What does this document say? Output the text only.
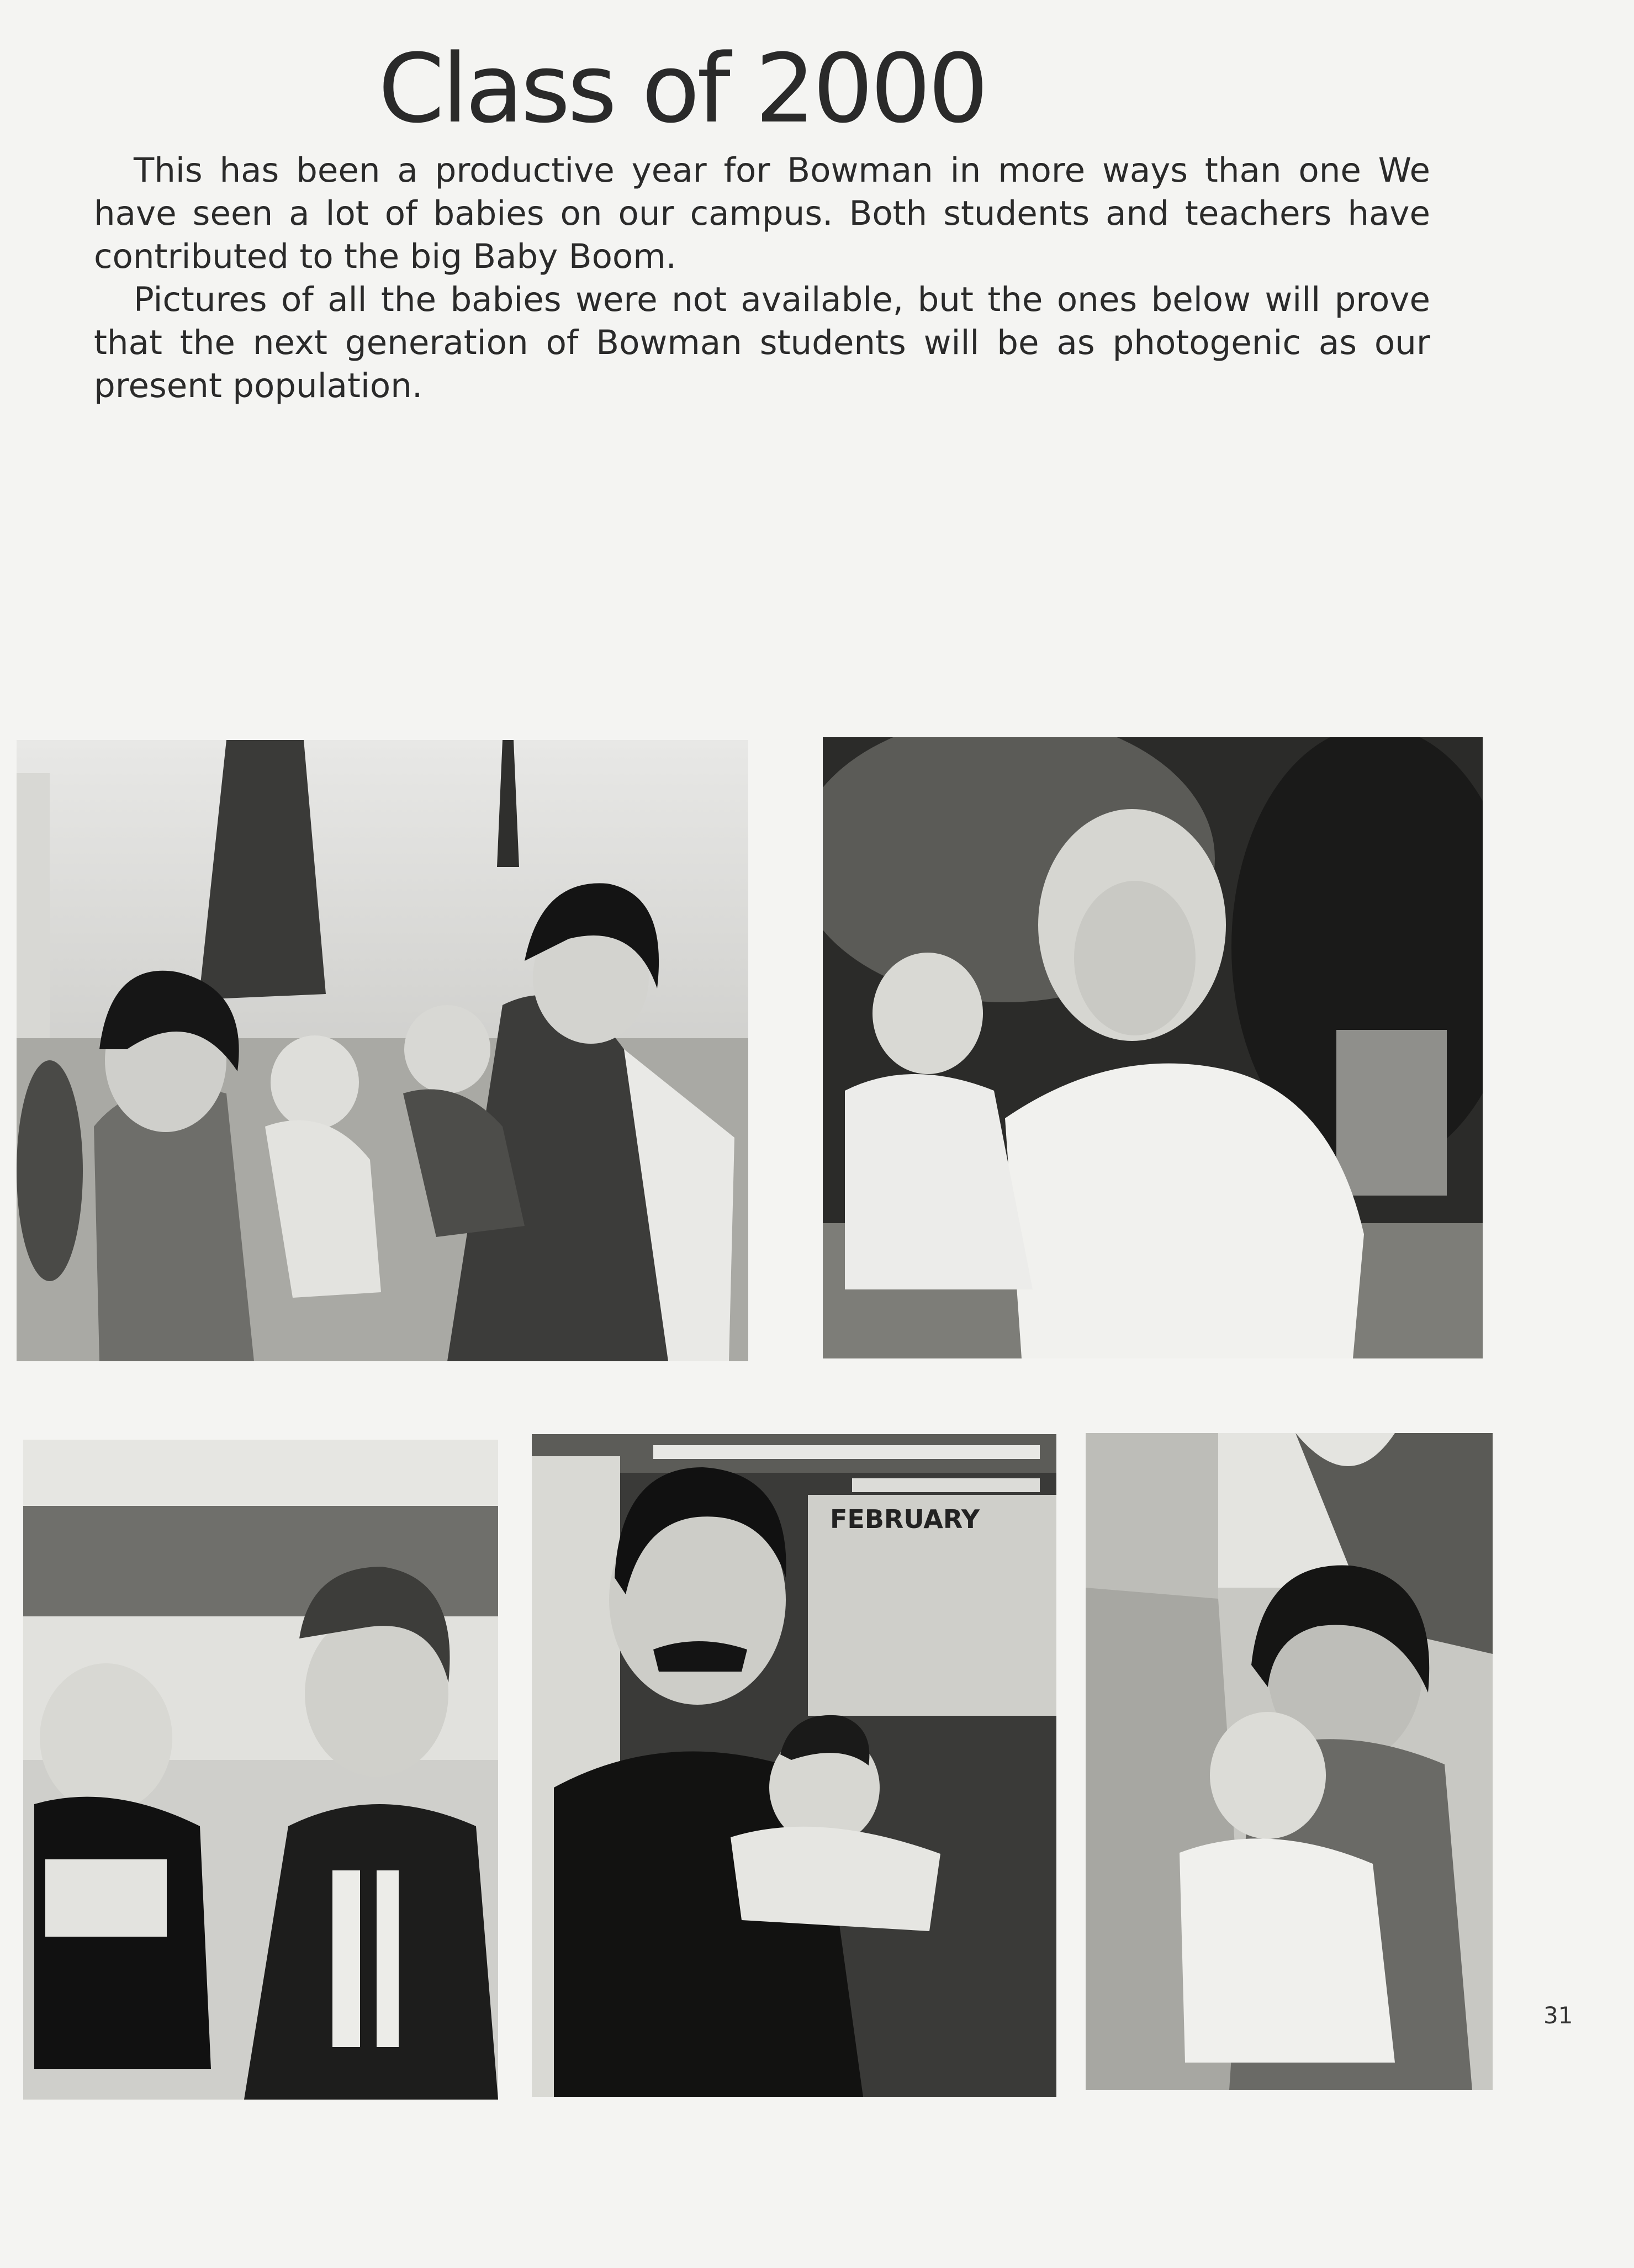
Class of 2000

This has been a productive year for Bowman in more ways than one We have seen a lot of babies on our campus. Both students and teachers have contributed to the big Baby Boom.

Pictures of all the babies were not available, but the ones below will prove that the next generation of Bowman students will be as photogenic as our present population.

FEBRUARY
31
